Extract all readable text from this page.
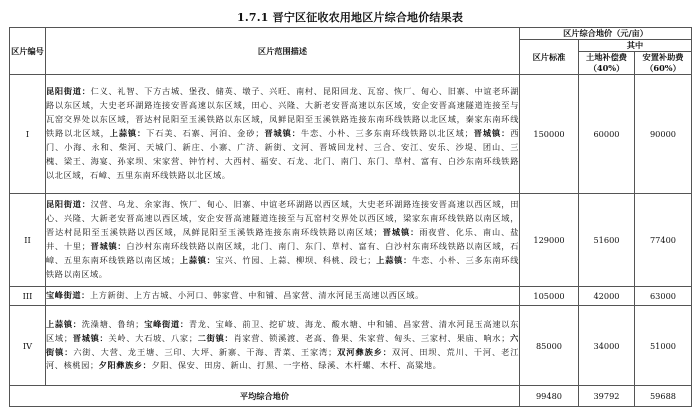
1.7.1 晋宁区征收农用地区片综合地价结果表
区片编号	区片范围描述	区片综合地价（元/亩）		
		区片标准	其中	
			土地补偿费（40%）	安置补助费（60%）
I	昆阳街道：仁义、礼智、下方古城、堡孜、储英、墩子、兴旺、南村、昆阳回龙、瓦窑、恢厂、甸心、旧寨、中谊老环湖路以东区域，大史老环湖路连接安晋高速以东区域，田心、兴隆、大新老安晋高速以东区域，安企安晋高速隧道连接至与瓦窑交界处以东区域，晋达村昆阳至玉溪铁路以东区域，凤鲜昆阳至玉溪铁路连接东南环线铁路以北区域，秦家东南环线铁路以北区域，上蒜镇：下石美、石寨、河泊、金砂；晋城镇：牛恋、小朴、三多东南环线铁路以北区域；晋城镇：西门、小海、永和、柴河、天城门、新庄、小寨、广济、新街、文河、晋城回龙村、三合、安江、安乐、沙堤、团山、三槐、梁王、海宴、孙家坝、宋家营、钟竹村、大西村、福安、石龙、北门、南门、东门、草村、富有、白沙东南环线铁路以北区域，石嶂、五里东南环线铁路以北区域。	150000	60000	90000
II	昆阳街道：汉营、乌龙、余家海、恢厂、甸心、旧寨、中谊老环湖路以西区域，大史老环湖路连接安晋高速以西区域，田心、兴隆、大新老安晋高速以西区域，安企安晋高速隧道连接至与瓦窑村交界处以西区域，梁家东南环线铁路以南区域，晋达村昆阳至玉溪铁路以西区域，凤鲜昆阳至玉溪铁路连接东南环线铁路以南区域；晋城镇：雨夜营、化乐、南山、盐井、十里；晋城镇：白沙村东南环线铁路以南区域，北门、南门、东门、草村、富有、白沙村东南环线铁路以南区域，石嶂、五里东南环线铁路以南区域；上蒜镇：宝兴、竹园、上蒜、柳坝、科桃、段七；上蒜镇：牛恋、小朴、三多东南环线铁路以南区域。	129000	51600	77400
III	宝峰街道：上方新街、上方古城、小河口、韩家营、中和铺、昌家营、清水河昆玉高速以西区域。	105000	42000	63000
IV	上蒜镇：洗澡塘、鲁纳；宝峰街道：青龙、宝峰、前卫、挖矿坡、海龙、酸水塘、中和铺、昌家营、清水河昆玉高速以东区域；晋城镇：关岭、大石坡、八家；二街镇：肖家营、锁溪渡、老高、鲁果、朱家营、甸头、三家村、果庙、响水；六街镇：六街、大营、龙王塘、三印、大坪、新寨、干海、青菜、王家湾；双河彝族乡：双河、田坝、荒川、干河、老江河、核桃园；夕阳彝族乡：夕阳、保安、田房、新山、打黑、一字格、绿溪、木杆螺、木杆、高粱地。	85000	34000	51000
平均综合地价		99480	39792	59688
